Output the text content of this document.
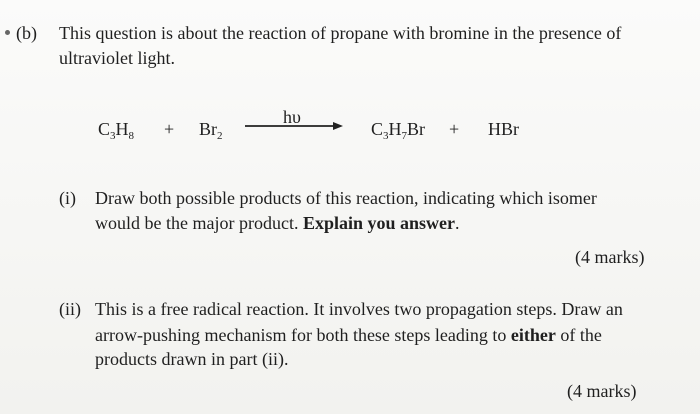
(b) This question is about the reaction of propane with bromine in the presence of
ultraviolet light.
$C_3H_8 + Br_2$
hυ
$C_3H_7Br$ + HBr
(i) Draw both possible products of this reaction, indicating which isomer
would be the major product. Explain you answer.
(4 marks)
(ii) This is a free radical reaction. It involves two propagation steps. Draw an
arrow-pushing mechanism for both these steps leading to either of the
products drawn in part (ii).
(4 marks)
